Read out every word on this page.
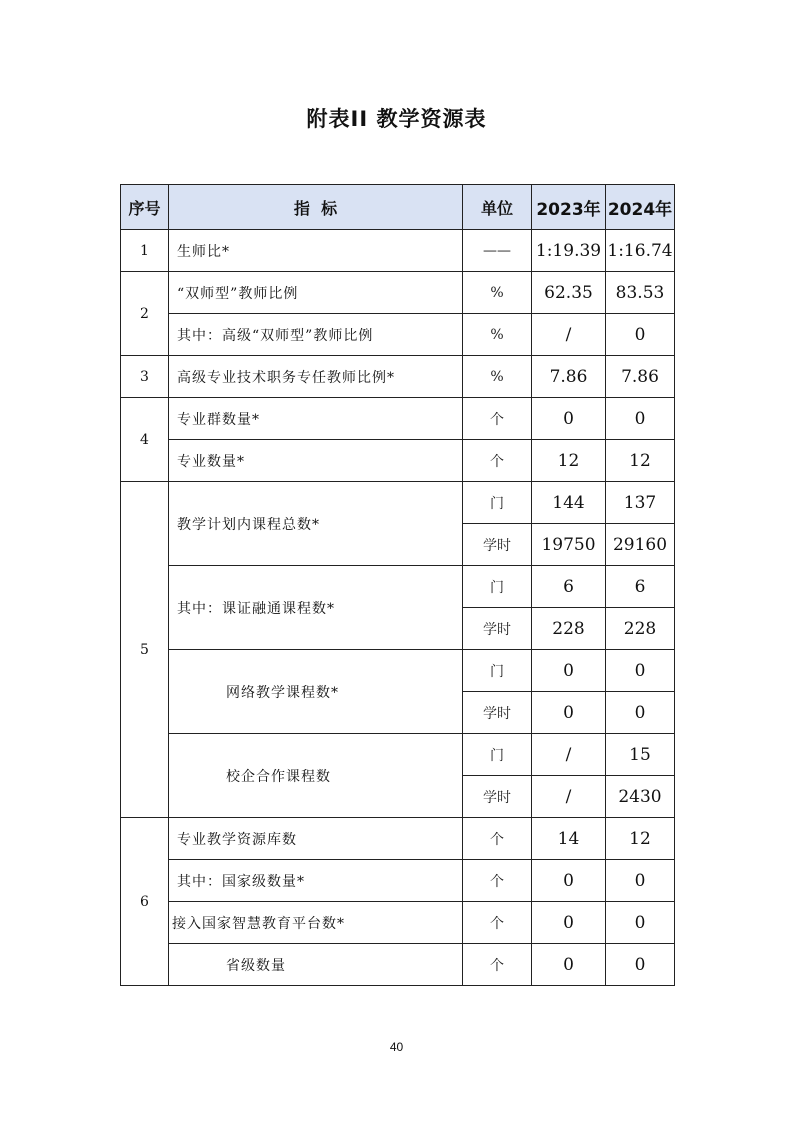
附表II 教学资源表
序号	指  标	单位	2023年	2024年
1	生师比*	——	1:19.39	1:16.74
2	“双师型”教师比例	%	62.35	83.53
	其中：高级“双师型”教师比例	%	/	0
3	高级专业技术职务专任教师比例*	%	7.86	7.86
4	专业群数量*	个	0	0
	专业数量*	个	12	12
5	教学计划内课程总数*	门	144	137
		学时	19750	29160
	其中：课证融通课程数*	门	6	6
		学时	228	228
	网络教学课程数*	门	0	0
		学时	0	0
	校企合作课程数	门	/	15
		学时	/	2430
6	专业教学资源库数	个	14	12
	其中：国家级数量*	个	0	0
	接入国家智慧教育平台数*	个	0	0
	省级数量	个	0	0
40
